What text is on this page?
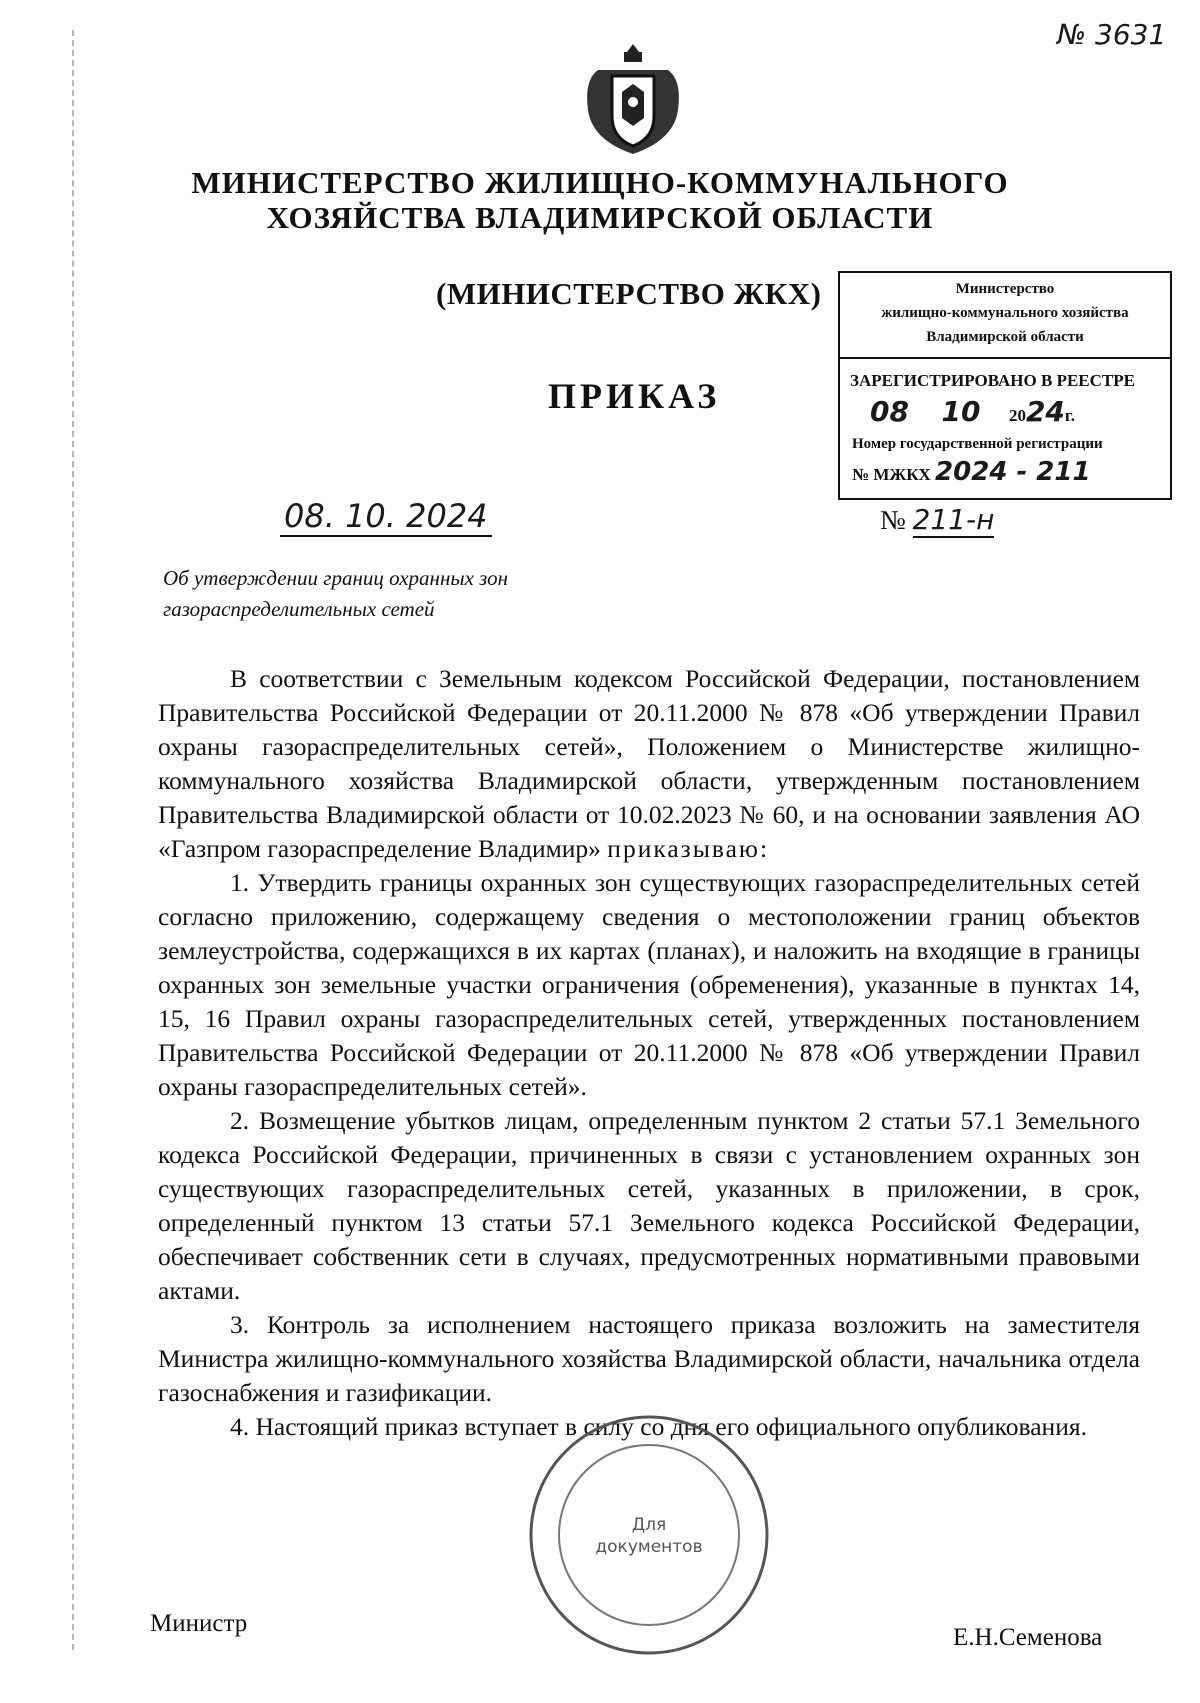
№ 3631
МИНИСТЕРСТВО ЖИЛИЩНО-КОММУНАЛЬНОГО
ХОЗЯЙСТВА ВЛАДИМИРСКОЙ ОБЛАСТИ
(МИНИСТЕРСТВО ЖКХ)
ПРИКАЗ
Министерство
жилищно-коммунального хозяйства
Владимирской области
ЗАРЕГИСТРИРОВАНО В РЕЕСТРЕ
08 10 2024г.
Номер государственной регистрации
№ МЖКХ 2024 - 211
08. 10. 2024	№ 211-н
Об утверждении границ охранных зон
газораспределительных сетей

В соответствии с Земельным кодексом Российской Федерации, постановлением Правительства Российской Федерации от 20.11.2000 № 878 «Об утверждении Правил охраны газораспределительных сетей», Положением о Министерстве жилищно-коммунального хозяйства Владимирской области, утвержденным постановлением Правительства Владимирской области от 10.02.2023 № 60, и на основании заявления АО «Газпром газораспределение Владимир» приказываю:

1. Утвердить границы охранных зон существующих газораспределительных сетей согласно приложению, содержащему сведения о местоположении границ объектов землеустройства, содержащихся в их картах (планах), и наложить на входящие в границы охранных зон земельные участки ограничения (обременения), указанные в пунктах 14, 15, 16 Правил охраны газораспределительных сетей, утвержденных постановлением Правительства Российской Федерации от 20.11.2000 № 878 «Об утверждении Правил охраны газораспределительных сетей».

2. Возмещение убытков лицам, определенным пунктом 2 статьи 57.1 Земельного кодекса Российской Федерации, причиненных в связи с установлением охранных зон существующих газораспределительных сетей, указанных в приложении, в срок, определенный пунктом 13 статьи 57.1 Земельного кодекса Российской Федерации, обеспечивает собственник сети в случаях, предусмотренных нормативными правовыми актами.

3. Контроль за исполнением настоящего приказа возложить на заместителя Министра жилищно-коммунального хозяйства Владимирской области, начальника отдела газоснабжения и газификации.

4. Настоящий приказ вступает в силу со дня его официального опубликования.

Для
документов
Министр
Е.Н.Семенова
